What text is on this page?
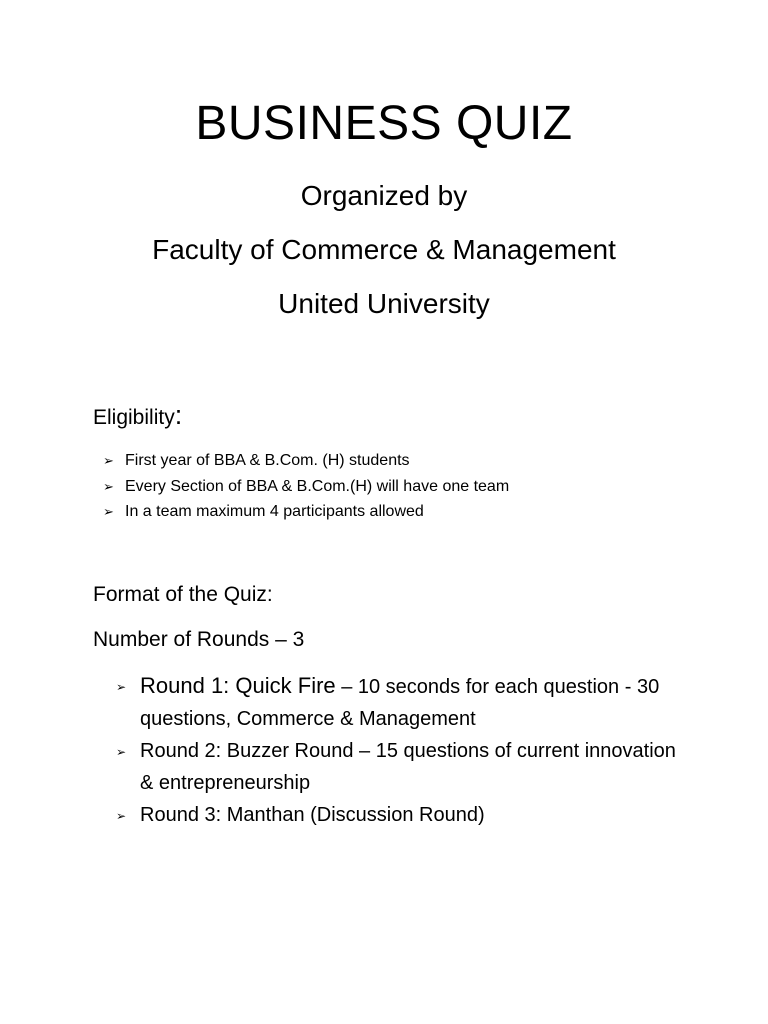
BUSINESS QUIZ
Organized by
Faculty of Commerce & Management
United University
Eligibility:
➢ First year of BBA & B.Com. (H) students
➢ Every Section of BBA & B.Com.(H) will have one team
➢ In a team maximum 4 participants allowed
Format of the Quiz:
Number of Rounds – 3
➢ Round 1: Quick Fire – 10 seconds for each question - 30 questions, Commerce & Management
➢ Round 2: Buzzer Round – 15 questions of current innovation & entrepreneurship
➢ Round 3: Manthan (Discussion Round)
